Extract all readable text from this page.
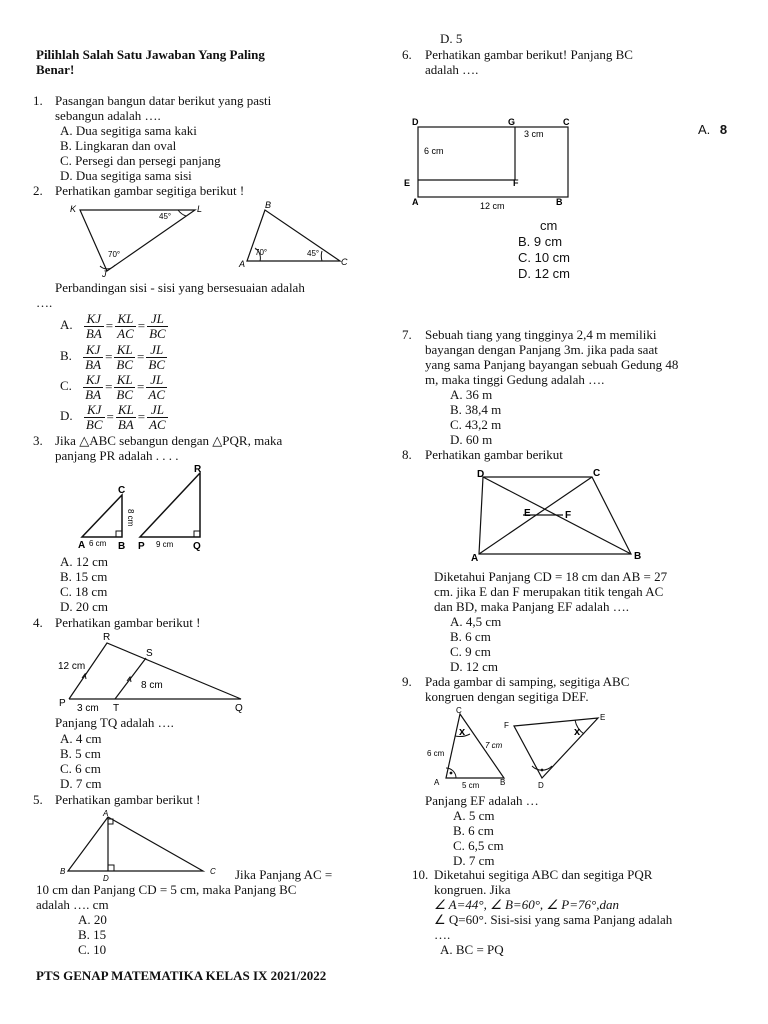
Pilihlah Salah Satu Jawaban Yang Paling
Benar!
1. Pasangan bangun datar berikut yang pasti
sebangun adalah ….
A. Dua segitiga sama kaki
B. Lingkaran dan oval
C. Persegi dan persegi panjang
D. Dua segitiga sama sisi
2. Perhatikan gambar segitiga berikut !
K	L
J
45°
70°
B
A	C
70°	45°
Perbandingan sisi - sisi yang bersesuaian adalah
….
A. $\frac{KJ}{BA} = \frac{KL}{AC} = \frac{JL}{BC}$
B. $\frac{KJ}{BA} = \frac{KL}{BC} = \frac{JL}{BC}$
C. $\frac{KJ}{BA} = \frac{KL}{BC} = \frac{JL}{AC}$
D. $\frac{KJ}{BC} = \frac{KL}{BA} = \frac{JL}{AC}$
3. Jika △ABC sebangun dengan △PQR, maka
panjang PR adalah . . . .
C
A	B P	Q
R
6 cm	9 cm
8 cm
A. 12 cm
B. 15 cm
C. 18 cm
D. 20 cm
4. Perhatikan gambar berikut !
R
S
P	T	Q
12 cm
8 cm
3 cm
Panjang TQ adalah ….
A. 4 cm
B. 5 cm
C. 6 cm
D. 7 cm
5. Perhatikan gambar berikut !
A
B
D
C Jika Panjang AC =
10 cm dan Panjang CD = 5 cm, maka Panjang BC
adalah …. cm
A. 20
B. 15
C. 10
PTS GENAP MATEMATIKA KELAS IX 2021/2022
D. 5
6. Perhatikan gambar berikut! Panjang BC
adalah ….
D	G	C
E	F
A	B
3 cm
6 cm
12 cm
A. 8
cm
B. 9 cm
C. 10 cm
D. 12 cm
7. Sebuah tiang yang tingginya 2,4 m memiliki
bayangan dengan Panjang 3m. jika pada saat
yang sama Panjang bayangan sebuah Gedung 48
m, maka tinggi Gedung adalah ….
A. 36 m
B. 38,4 m
C. 43,2 m
D. 60 m
8. Perhatikan gambar berikut
D	C
E	F
A	B
Diketahui Panjang CD = 18 cm dan AB = 27
cm. jika E dan F merupakan titik tengah AC
dan BD, maka Panjang EF adalah ….
A. 4,5 cm
B. 6 cm
C. 9 cm
D. 12 cm
9. Pada gambar di samping, segitiga ABC
kongruen dengan segitiga DEF.
C
A	B
F
E
D
x	x
6 cm
5 cm
7 cm
Panjang EF adalah …
A. 5 cm
B. 6 cm
C. 6,5 cm
D. 7 cm
10. Diketahui segitiga ABC dan segitiga PQR
kongruen. Jika
∠ A=44°, ∠ B=60°, ∠ P=76°,dan
∠ Q=60°. Sisi-sisi yang sama Panjang adalah
….
A. BC = PQ
